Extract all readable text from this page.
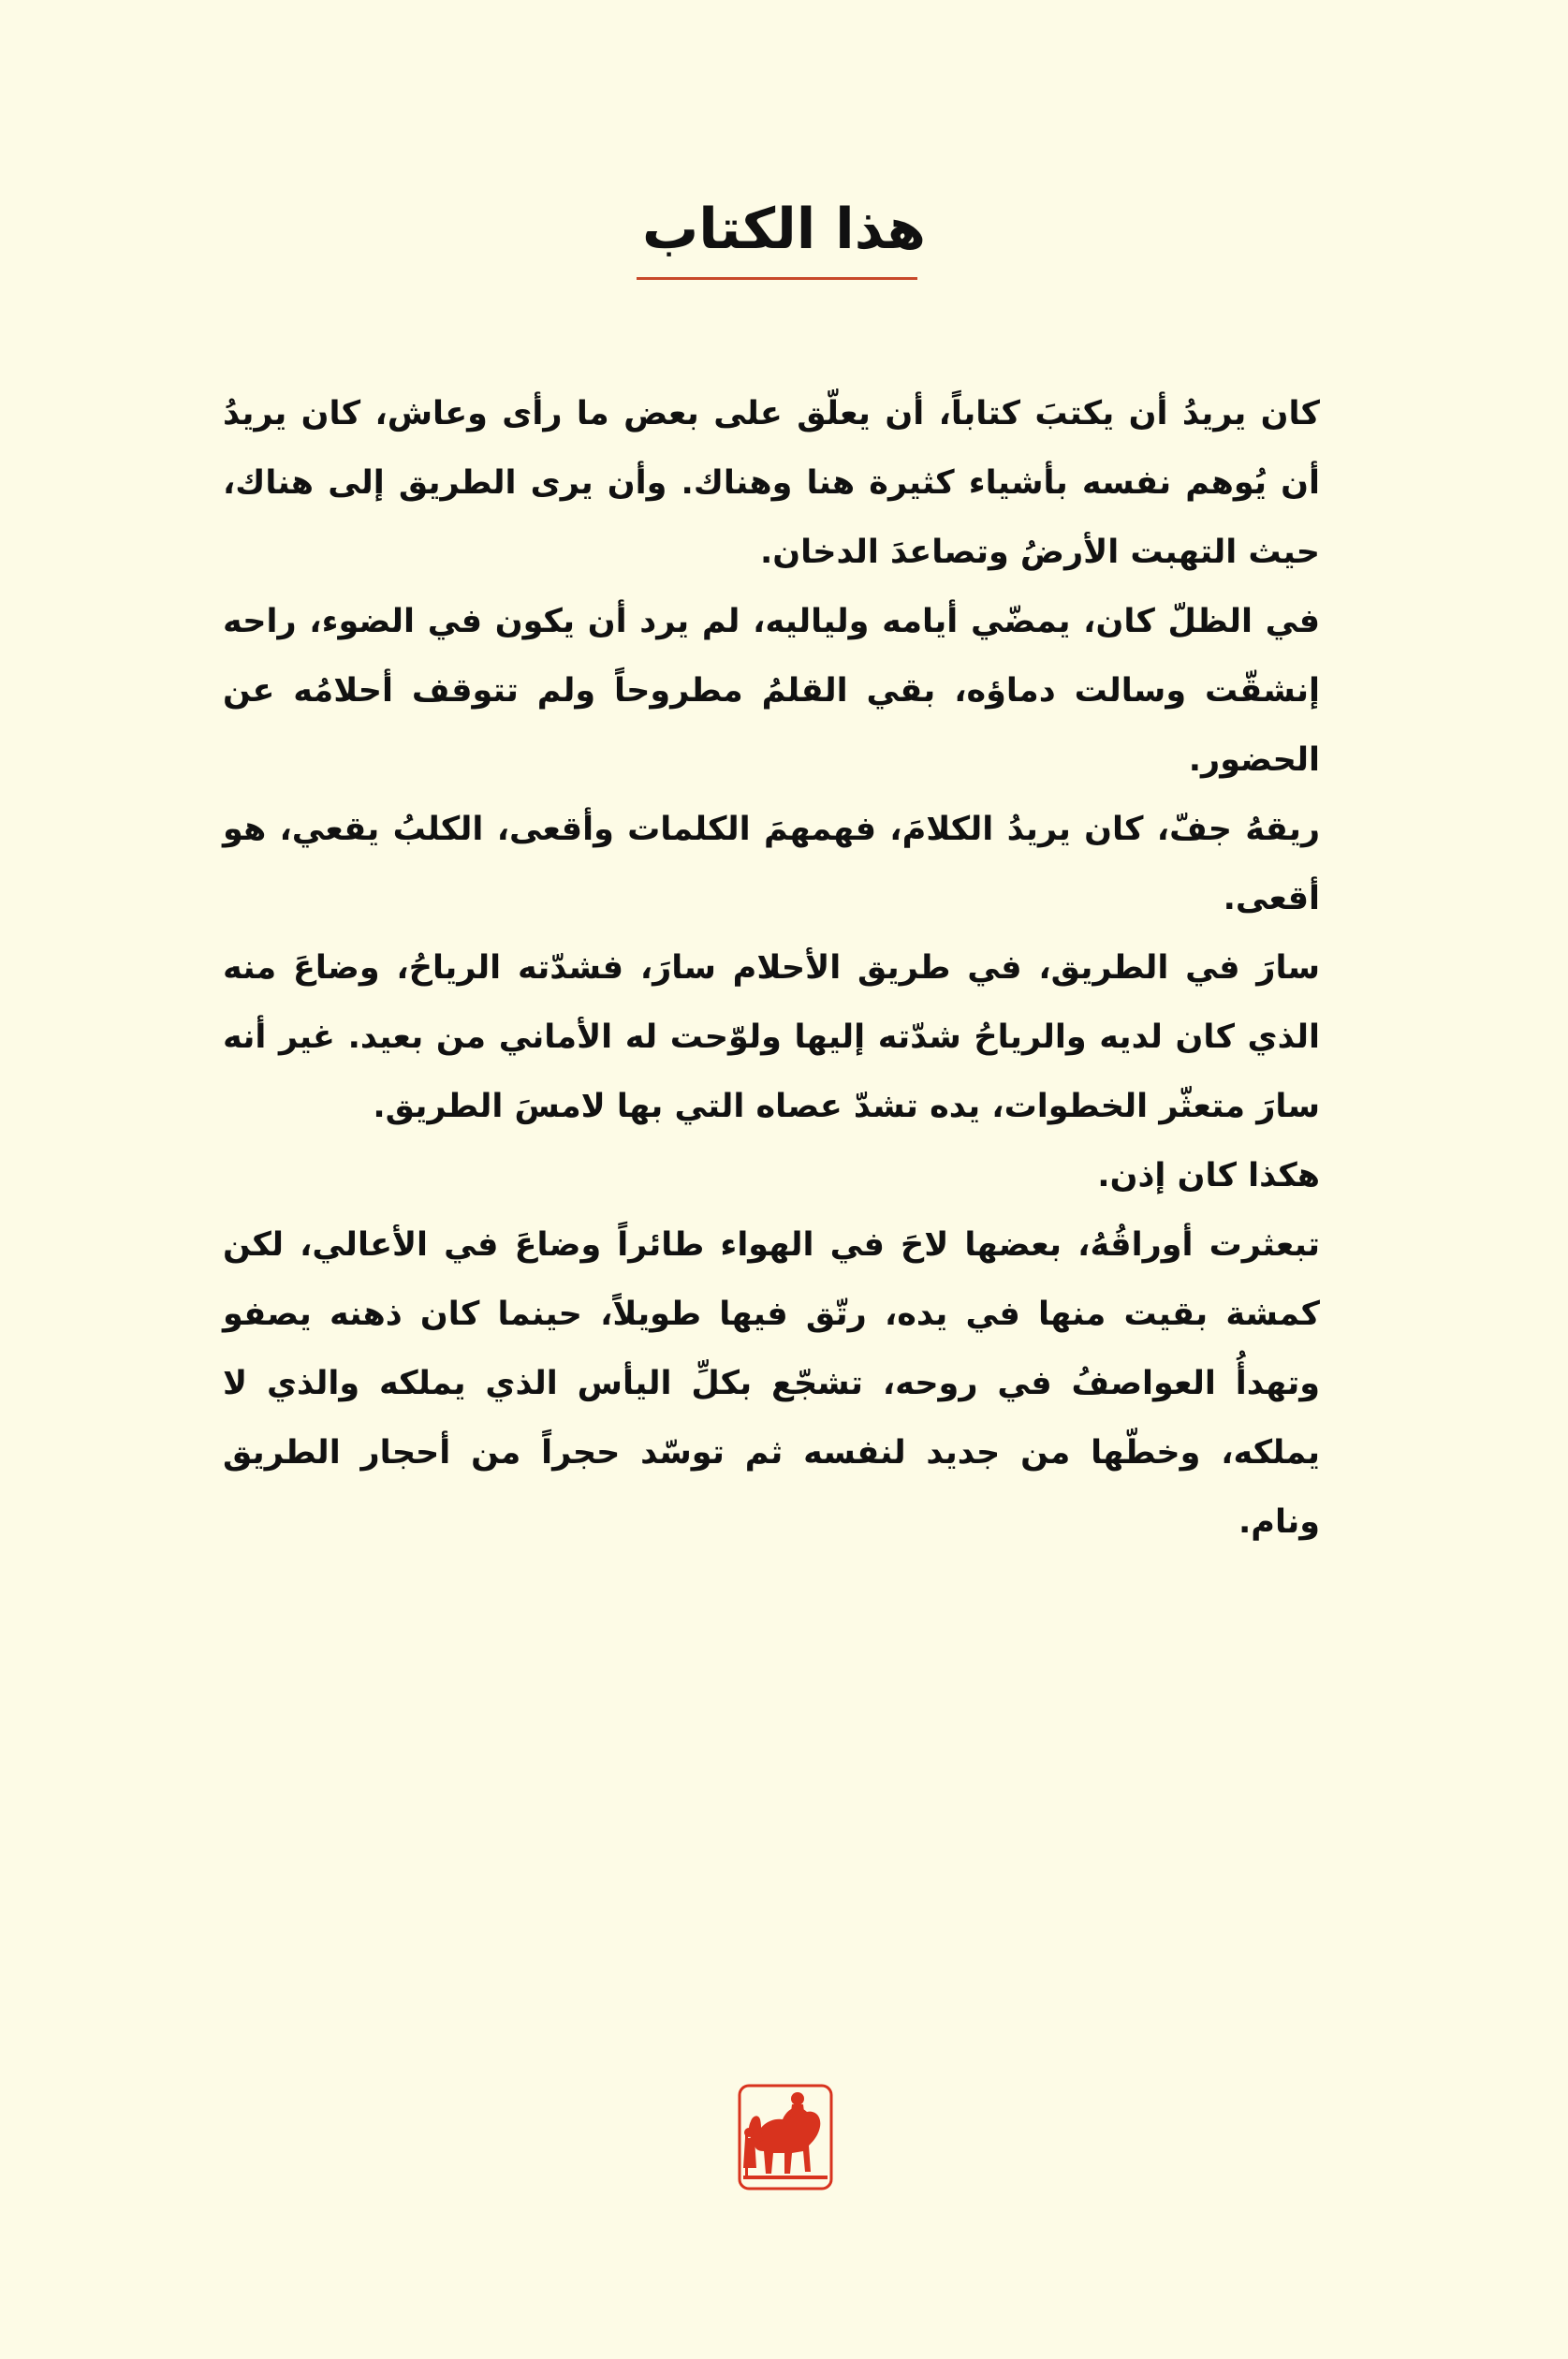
هذا الكتاب

كان يريدُ أن يكتبَ كتاباً، أن يعلّق على بعض ما رأى وعاش، كان يريدُ أن يُوهم نفسه بأشياء كثيرة هنا وهناك. وأن يرى الطريق إلى هناك، حيث التهبت الأرضُ وتصاعدَ الدخان.

في الظلّ كان، يمضّي أيامه ولياليه، لم يرد أن يكون في الضوء، راحه إنشقّت وسالت دماؤه، بقي القلمُ مطروحاً ولم تتوقف أحلامُه عن الحضور.

ريقهُ جفّ، كان يريدُ الكلامَ، فهمهمَ الكلمات وأقعى، الكلبُ يقعي، هو أقعى.

سارَ في الطريق، في طريق الأحلام سارَ، فشدّته الرياحُ، وضاعَ منه الذي كان لديه والرياحُ شدّته إليها ولوّحت له الأماني من بعيد. غير أنه سارَ متعثّر الخطوات، يده تشدّ عصاه التي بها لامسَ الطريق.

هكذا كان إذن.

تبعثرت أوراقُهُ، بعضها لاحَ في الهواء طائراً وضاعَ في الأعالي، لكن كمشة بقيت منها في يده، رتّق فيها طويلاً، حينما كان ذهنه يصفو وتهدأُ العواصفُ في روحه، تشجّع بكلِّ اليأس الذي يملكه والذي لا يملكه، وخطّها من جديد لنفسه ثم توسّد حجراً من أحجار الطريق ونام.
